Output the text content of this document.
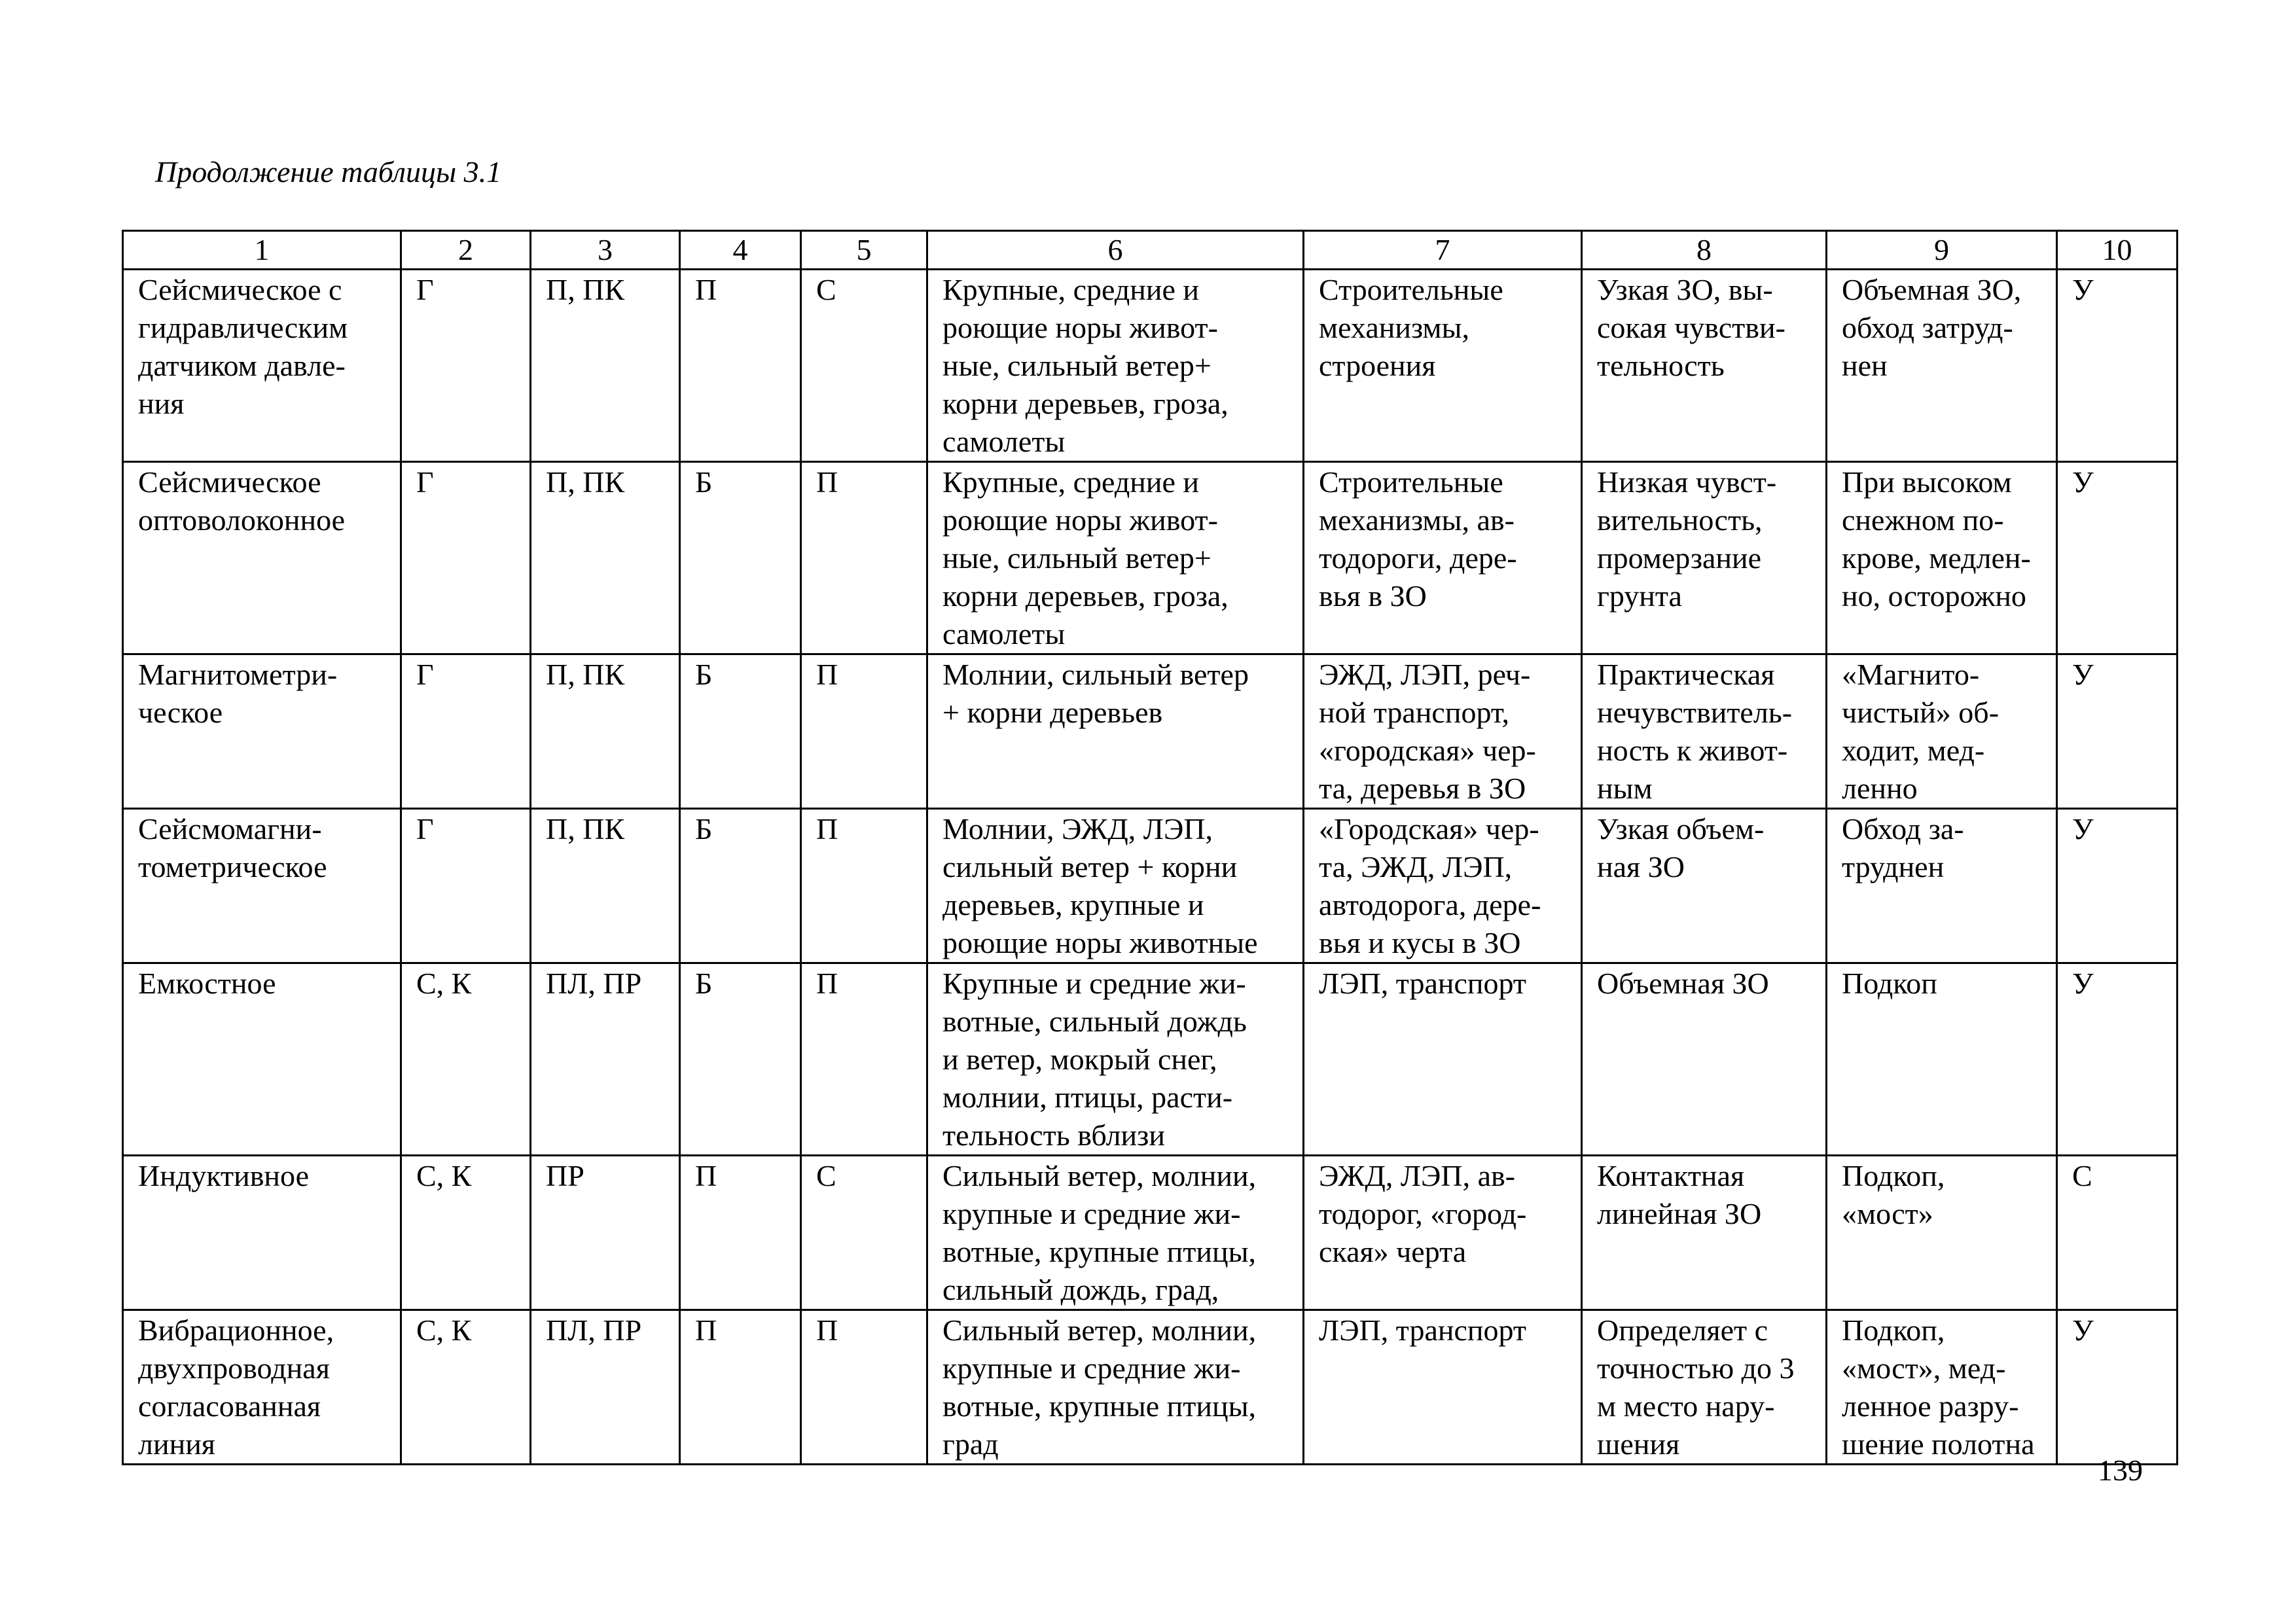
Продолжение таблицы 3.1
1	2	3	4	5	6	7	8	9	10
Сейсмическое с
гидравлическим
датчиком давле-
ния	Г	П, ПК	П	С	Крупные, средние и
роющие норы живот-
ные, сильный ветер+
корни деревьев, гроза,
самолеты	Строительные
механизмы,
строения	Узкая ЗО, вы-
сокая чувстви-
тельность	Объемная ЗО,
обход затруд-
нен	У
Сейсмическое
оптоволоконное	Г	П, ПК	Б	П	Крупные, средние и
роющие норы живот-
ные, сильный ветер+
корни деревьев, гроза,
самолеты	Строительные
механизмы, ав-
тодороги, дере-
вья в ЗО	Низкая чувст-
вительность,
промерзание
грунта	При высоком
снежном по-
крове, медлен-
но, осторожно	У
Магнитометри-
ческое	Г	П, ПК	Б	П	Молнии, сильный ветер
+ корни деревьев	ЭЖД, ЛЭП, реч-
ной транспорт,
«городская» чер-
та, деревья в ЗО	Практическая
нечувствитель-
ность к живот-
ным	«Магнито-
чистый» об-
ходит, мед-
ленно	У
Сейсмомагни-
тометрическое	Г	П, ПК	Б	П	Молнии, ЭЖД, ЛЭП,
сильный ветер + корни
деревьев, крупные и
роющие норы животные	«Городская» чер-
та, ЭЖД, ЛЭП,
автодорога, дере-
вья и кусы в ЗО	Узкая объем-
ная ЗО	Обход за-
труднен	У
Емкостное	С, К	ПЛ, ПР	Б	П	Крупные и средние жи-
вотные, сильный дождь
и ветер, мокрый снег,
молнии, птицы, расти-
тельность вблизи	ЛЭП, транспорт	Объемная ЗО	Подкоп	У
Индуктивное	С, К	ПР	П	С	Сильный ветер, молнии,
крупные и средние жи-
вотные, крупные птицы,
сильный дождь, град,	ЭЖД, ЛЭП, ав-
тодорог, «город-
ская» черта	Контактная
линейная ЗО	Подкоп,
«мост»	С
Вибрационное,
двухпроводная
согласованная
линия	С, К	ПЛ, ПР	П	П	Сильный ветер, молнии,
крупные и средние жи-
вотные, крупные птицы,
град	ЛЭП, транспорт	Определяет с
точностью до 3
м место нару-
шения	Подкоп,
«мост», мед-
ленное разру-
шение полотна	У
139
